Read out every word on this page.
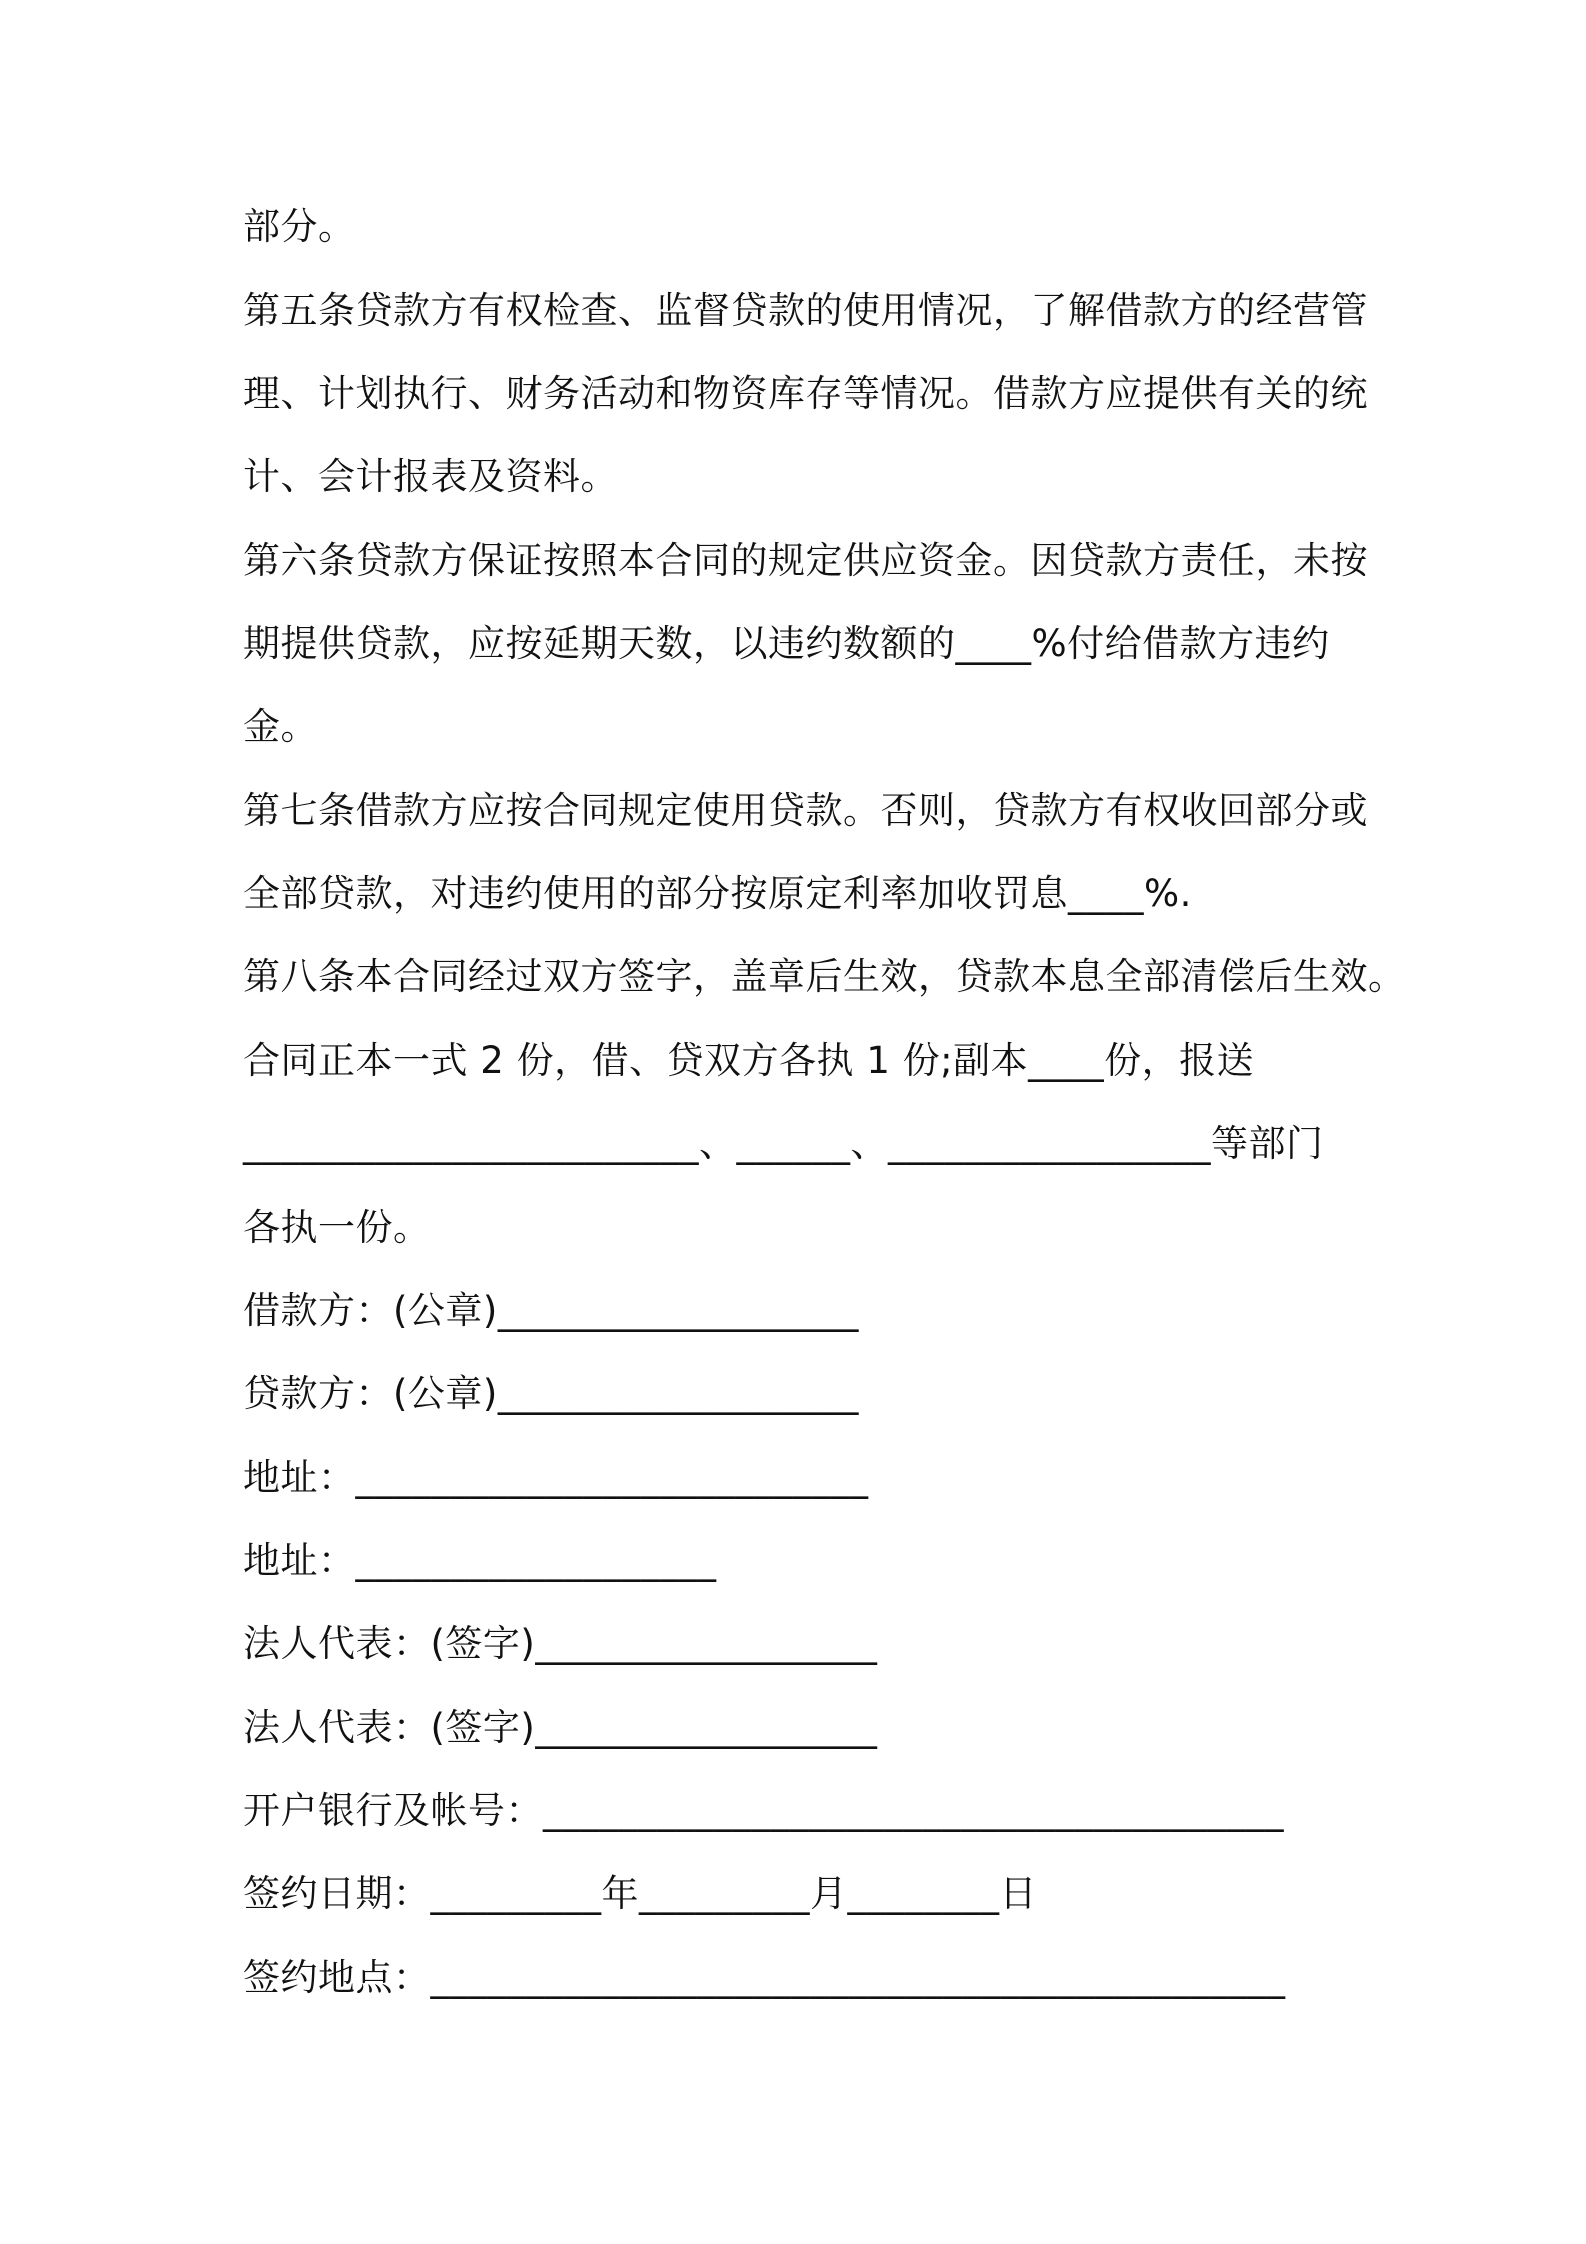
部分。
第五条贷款方有权检查、监督贷款的使用情况，了解借款方的经营管
理、计划执行、财务活动和物资库存等情况。借款方应提供有关的统
计、会计报表及资料。
第六条贷款方保证按照本合同的规定供应资金。因贷款方责任，未按
期提供贷款，应按延期天数，以违约数额的____%付给借款方违约
金。
第七条借款方应按合同规定使用贷款。否则，贷款方有权收回部分或
全部贷款，对违约使用的部分按原定利率加收罚息____%.
第八条本合同经过双方签字，盖章后生效，贷款本息全部清偿后生效。
合同正本一式 2 份，借、贷双方各执 1 份;副本____份，报送
________________________、______、_________________等部门
各执一份。
借款方：(公章)___________________
贷款方：(公章)___________________
地址：___________________________
地址：___________________
法人代表：(签字)__________________
法人代表：(签字)__________________
开户银行及帐号：_______________________________________
签约日期：_________年_________月________日
签约地点：_____________________________________________
